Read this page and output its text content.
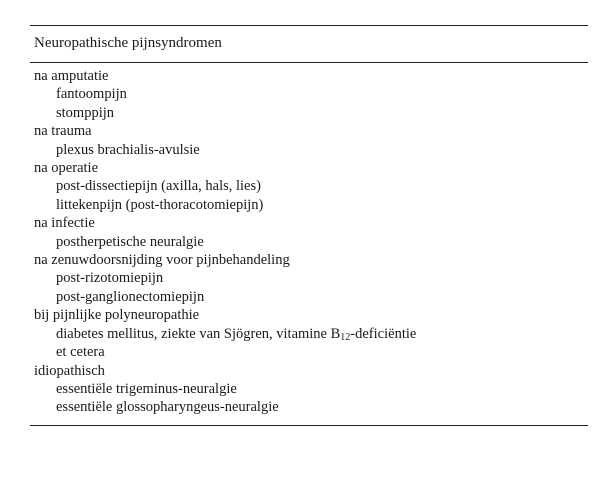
Neuropathische pijnsyndromen
na amputatie
fantoompijn
stomppijn
na trauma
plexus brachialis-avulsie
na operatie
post-dissectiepijn (axilla, hals, lies)
littekenpijn (post-thoracotomiepijn)
na infectie
postherpetische neuralgie
na zenuwdoorsnijding voor pijnbehandeling
post-rizotomiepijn
post-ganglionectomiepijn
bij pijnlijke polyneuropathie
diabetes mellitus, ziekte van Sjögren, vitamine $B_{12}$-deficiëntie
et cetera
idiopathisch
essentiële trigeminus-neuralgie
essentiële glossopharyngeus-neuralgie
